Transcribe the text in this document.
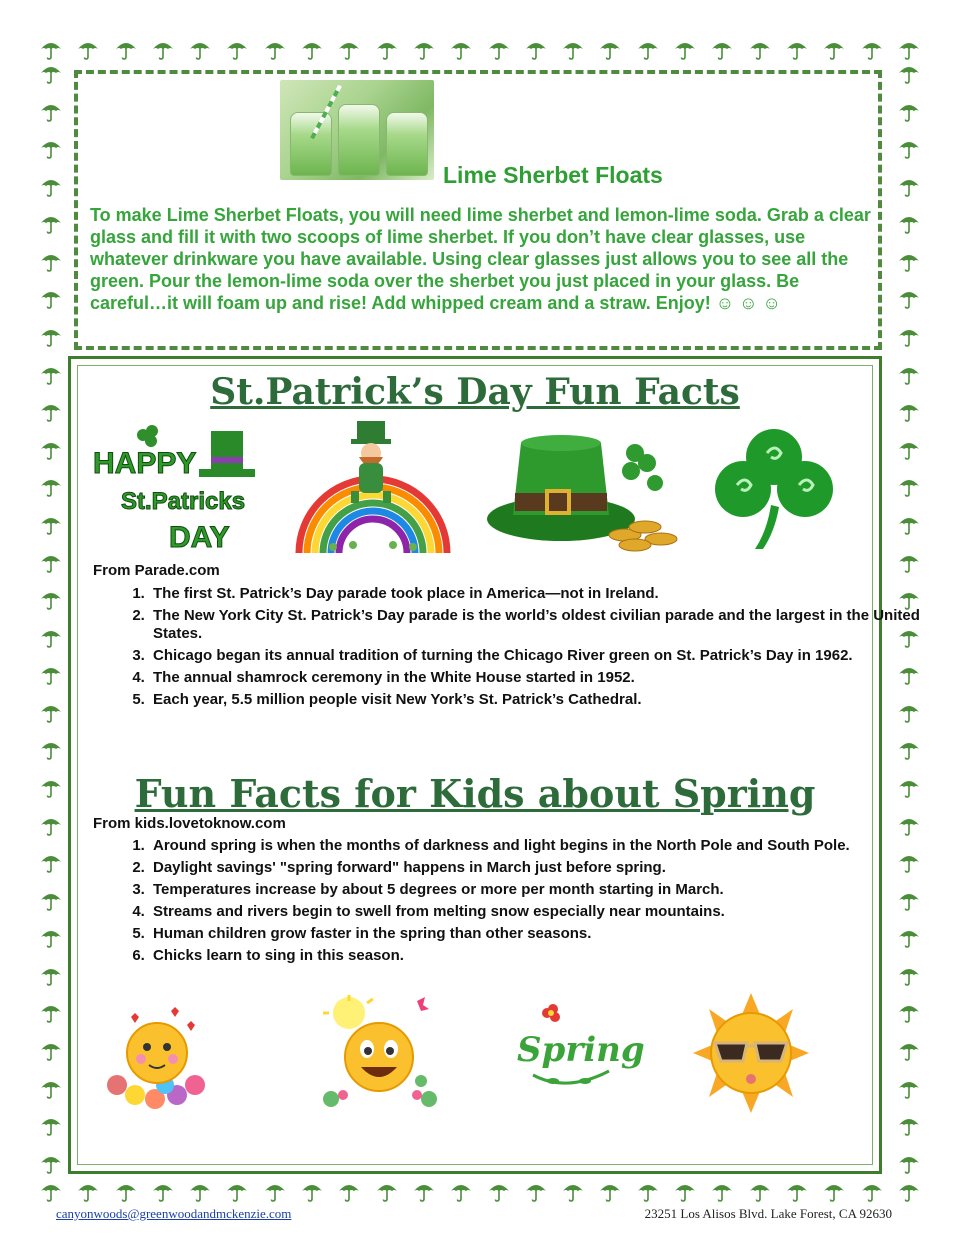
Lime Sherbet Floats
To make Lime Sherbet Floats, you will need lime sherbet and lemon-lime soda. Grab a clear glass and fill it with two scoops of lime sherbet. If you don’t have clear glasses, use whatever drinkware you have available. Using clear glasses just allows you to see all the green. Pour the lemon-lime soda over the sherbet you just placed in your glass. Be careful…it will foam up and rise! Add whipped cream and a straw. Enjoy! ☺ ☺ ☺
St.Patrick’s Day Fun Facts
HAPPY
St.Patricks
DAY
From Parade.com
1. The first St. Patrick’s Day parade took place in America—not in Ireland.
2. The New York City St. Patrick’s Day parade is the world’s oldest civilian parade and the largest in the United States.
3. Chicago began its annual tradition of turning the Chicago River green on St. Patrick’s Day in 1962.
4. The annual shamrock ceremony in the White House started in 1952.
5. Each year, 5.5 million people visit New York’s St. Patrick’s Cathedral.
Fun Facts for Kids about Spring
From kids.lovetoknow.com
1. Around spring is when the months of darkness and light begins in the North Pole and South Pole.
2. Daylight savings' "spring forward" happens in March just before spring.
3. Temperatures increase by about 5 degrees or more per month starting in March.
4. Streams and rivers begin to swell from melting snow especially near mountains.
5. Human children grow faster in the spring than other seasons.
6. Chicks learn to sing in this season.
Spring
canyonwoods@greenwoodandmckenzie.com	23251 Los Alisos Blvd. Lake Forest, CA 92630
